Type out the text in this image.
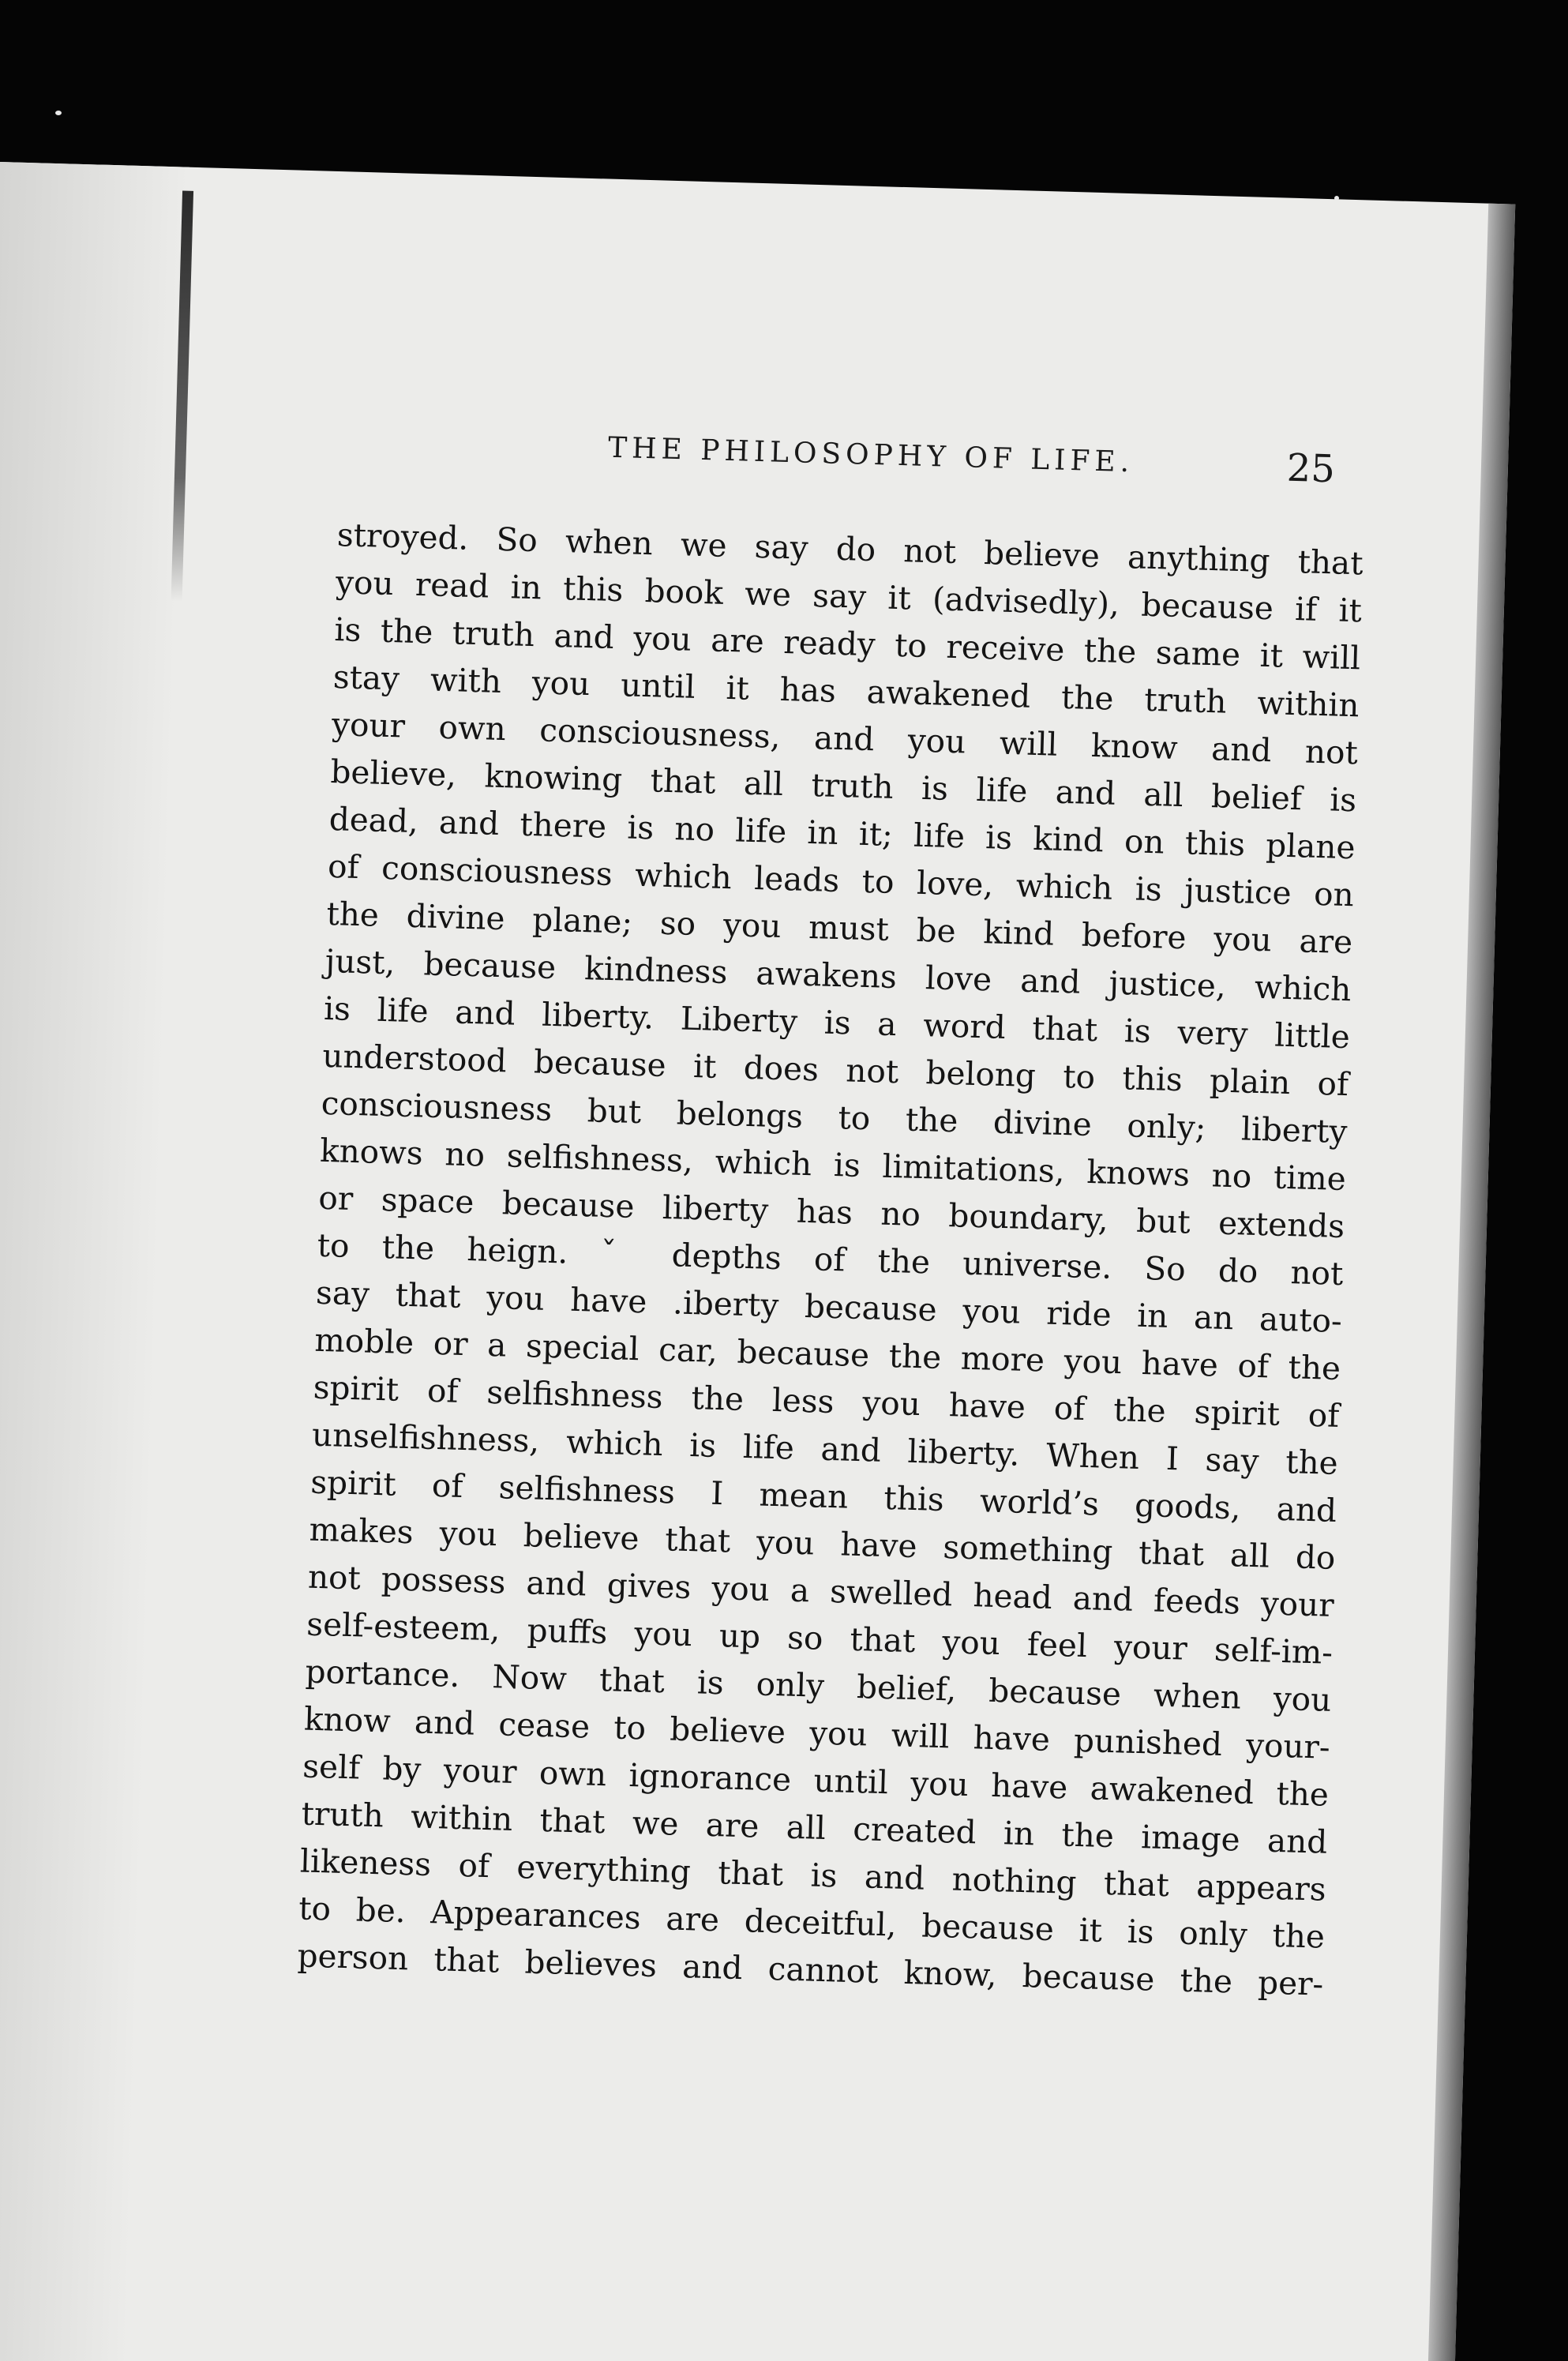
THE PHILOSOPHY OF LIFE.	25
stroyed. So when we say do not believe anything that
you read in this book we say it (advisedly), because if it
is the truth and you are ready to receive the same it will
stay with you until it has awakened the truth within
your own consciousness, and you will know and not
believe, knowing that all truth is life and all belief is
dead, and there is no life in it; life is kind on this plane
of consciousness which leads to love, which is justice on
the divine plane; so you must be kind before you are
just, because kindness awakens love and justice, which
is life and liberty. Liberty is a word that is very little
understood because it does not belong to this plain of
consciousness but belongs to the divine only; liberty
knows no selfishness, which is limitations, knows no time
or space because liberty has no boundary, but extends
to the heign. ˇ depths of the universe. So do not
say that you have .iberty because you ride in an auto-
moble or a special car, because the more you have of the
spirit of selfishness the less you have of the spirit of
unselfishness, which is life and liberty. When I say the
spirit of selfishness I mean this world’s goods, and
makes you believe that you have something that all do
not possess and gives you a swelled head and feeds your
self-esteem, puffs you up so that you feel your self-im-
portance. Now that is only belief, because when you
know and cease to believe you will have punished your-
self by your own ignorance until you have awakened the
truth within that we are all created in the image and
likeness of everything that is and nothing that appears
to be. Appearances are deceitful, because it is only the
person that believes and cannot know, because the per-
